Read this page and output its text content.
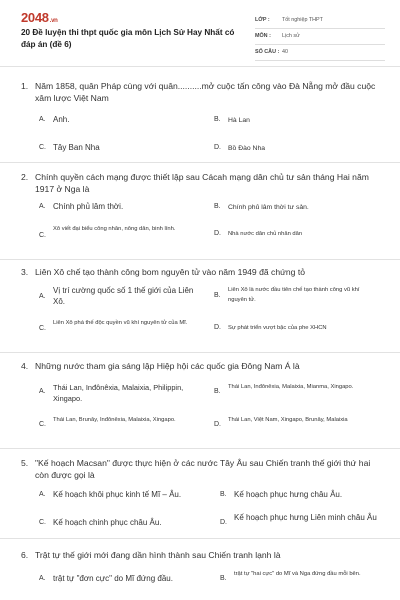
2048.vn
20 Đề luyện thi thpt quốc gia môn Lịch Sử Hay Nhất có đáp án (đề 6)
LỚP : Tốt nghiệp THPT
MÔN : Lịch sử
SỐ CÂU : 40
1. Năm 1858, quân Pháp cùng với quân..........mở cuộc tấn công vào Đà Nẵng mở đầu cuộc xâm lược Việt Nam
A. Anh.	B. Hà Lan
C. Tây Ban Nha	D. Bồ Đào Nha
2. Chính quyền cách mạng được thiết lập sau Cácah mạng dân chủ tư sản tháng Hai năm 1917 ở Nga là
A. Chính phủ lâm thời.	B. Chính phủ lâm thời tư sản.
C.
Xô viết đại biểu công nhân, nông dân, binh lính.
D. Nhà nước dân chủ nhân dân
3. Liên Xô chế tạo thành công bom nguyên tử vào năm 1949 đã chứng tỏ
A.
Vị trí cường quốc số 1 thế giới của Liên Xô.
B.
Liên Xô là nước đầu tiên chế tạo thành công vũ khí nguyên tử.
C.
Liên Xô phá thế độc quyền vũ khí nguyên tử của Mĩ.
D. Sự phát triển vượt bậc của phe XHCN
4. Những nước tham gia sáng lập Hiệp hội các quốc gia Đông Nam Á là
A. Thái Lan, Inđônêxia, Malaixia, Philippin, Xingapo.
B.
Thái Lan, Inđônêxia, Malaixia, Mianma, Xingapo.
C.
Thái Lan, Brunây, Inđônêxia, Malaixia, Xingapo.
D.
Thái Lan, Việt Nam, Xingapo, Brunây, Malaixia
5. "Kế hoạch Macsan" được thực hiện ở các nước Tây Âu sau Chiến tranh thế giới thứ hai còn được gọi là
A. Kế hoạch khôi phục kinh tế Mĩ – Âu.	B. Kế hoạch phục hưng châu Âu.
C. Kế hoạch chinh phục châu Âu.	D.
Kế hoạch phục hưng Liên minh châu Âu
6. Trật tự thế giới mới đang dần hình thành sau Chiến tranh lạnh là
A. trật tự "đơn cực" do Mĩ đứng đầu.	B.
trật tự "hai cực" do Mĩ và Nga đứng đầu mỗi bên.
